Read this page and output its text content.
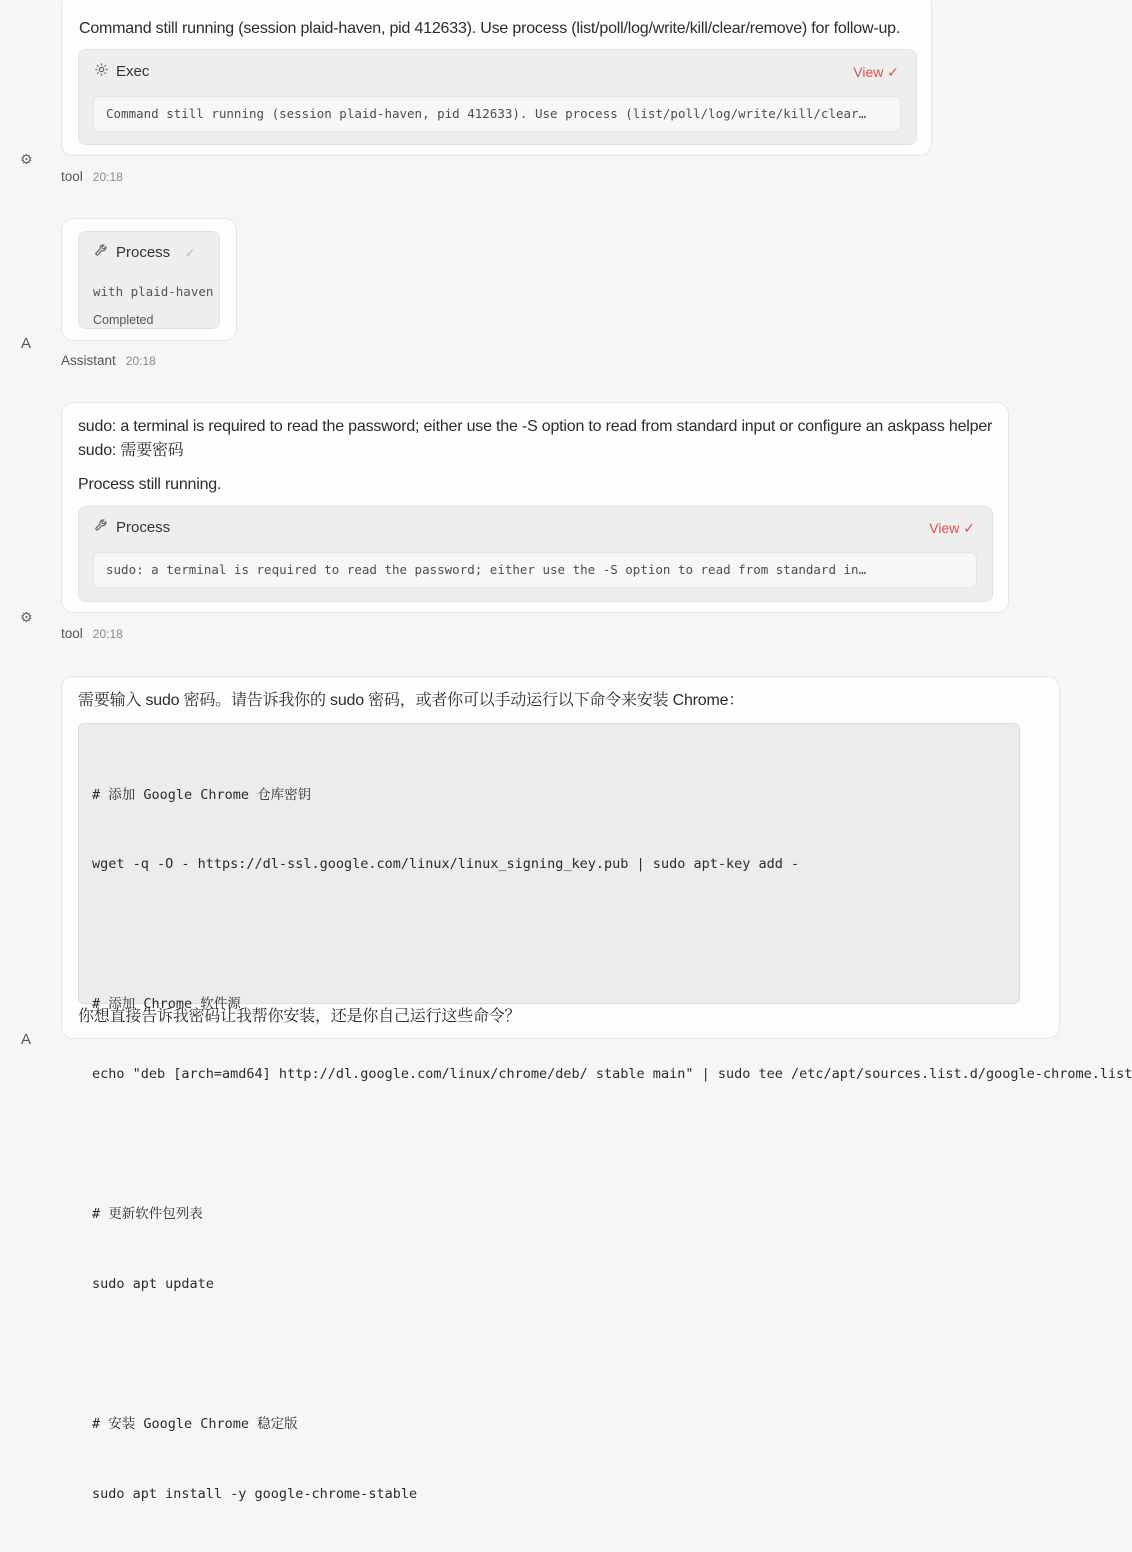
Command still running (session plaid-haven, pid 412633). Use process (list/poll/log/write/kill/clear/remove) for follow-up.
Exec	View ✓
Command still running (session plaid-haven, pid 412633). Use process (list/poll/log/write/kill/clear…
⚙
tool 20:18
Process ✓
with plaid-haven
Completed
A
Assistant 20:18
sudo: a terminal is required to read the password; either use the -S option to read from standard input or configure an askpass helper
sudo: 需要密码
Process still running.
Process	View ✓
sudo: a terminal is required to read the password; either use the -S option to read from standard in…
⚙
tool 20:18
需要输入 sudo 密码。请告诉我你的 sudo 密码，或者你可以手动运行以下命令来安装 Chrome：

# 添加 Google Chrome 仓库密钥

wget -q -O - https://dl-ssl.google.com/linux/linux_signing_key.pub | sudo apt-key add -

# 添加 Chrome 软件源

echo "deb [arch=amd64] http://dl.google.com/linux/chrome/deb/ stable main" | sudo tee /etc/apt/sources.list.d/google-chrome.list

# 更新软件包列表

sudo apt update

# 安装 Google Chrome 稳定版

sudo apt install -y google-chrome-stable

你想直接告诉我密码让我帮你安装，还是你自己运行这些命令？
A
